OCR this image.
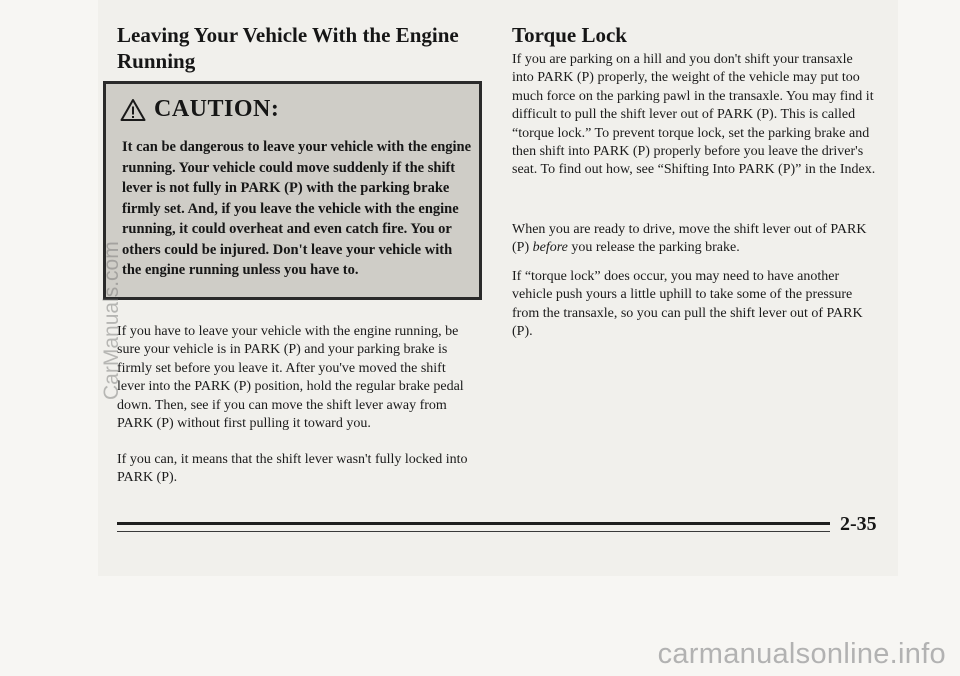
Leaving Your Vehicle With the Engine Running
CAUTION:

It can be dangerous to leave your vehicle with the engine running. Your vehicle could move suddenly if the shift lever is not fully in PARK (P) with the parking brake firmly set. And, if you leave the vehicle with the engine running, it could overheat and even catch fire. You or others could be injured. Don't leave your vehicle with the engine running unless you have to.

If you have to leave your vehicle with the engine running, be sure your vehicle is in PARK (P) and your parking brake is firmly set before you leave it. After you've moved the shift lever into the PARK (P) position, hold the regular brake pedal down. Then, see if you can move the shift lever away from PARK (P) without first pulling it toward you.

If you can, it means that the shift lever wasn't fully locked into PARK (P).

Torque Lock

If you are parking on a hill and you don't shift your transaxle into PARK (P) properly, the weight of the vehicle may put too much force on the parking pawl in the transaxle. You may find it difficult to pull the shift lever out of PARK (P). This is called “torque lock.” To prevent torque lock, set the parking brake and then shift into PARK (P) properly before you leave the driver's seat. To find out how, see “Shifting Into PARK (P)” in the Index.

When you are ready to drive, move the shift lever out of PARK (P) before you release the parking brake.

If “torque lock” does occur, you may need to have another vehicle push yours a little uphill to take some of the pressure from the transaxle, so you can pull the shift lever out of PARK (P).

2-35

CarManuals.com

carmanualsonline.info
